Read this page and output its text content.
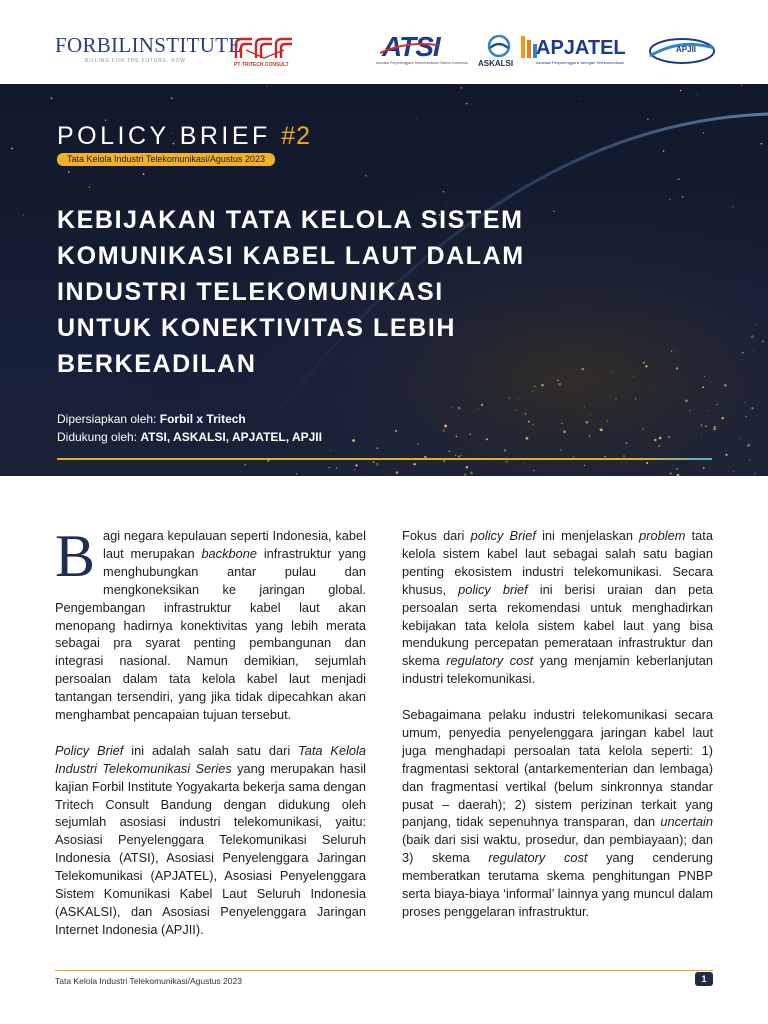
FORBILINSTITUTE
BILLING FOR THE FUTURE, NOW
PT TRITECH CONSULT
ATSI
Asosiasi Penyelenggara Telekomunikasi Seluruh Indonesia ASKALSI
APJATEL
Asosiasi Penyelenggara Jaringan Telekomunikasi
APJII
POLICY BRIEF #2
Tata Kelola Industri Telekomunikasi/Agustus 2023
KEBIJAKAN TATA KELOLA SISTEM
KOMUNIKASI KABEL LAUT DALAM
INDUSTRI TELEKOMUNIKASI
UNTUK KONEKTIVITAS LEBIH
BERKEADILAN
Dipersiapkan oleh: Forbil x Tritech
Didukung oleh: ATSI, ASKALSI, APJATEL, APJII

Bagi negara kepulauan seperti Indonesia, kabel laut merupakan backbone infrastruktur yang menghubungkan antar pulau dan mengkoneksikan ke jaringan global. Pengembangan infrastruktur kabel laut akan menopang hadirnya konektivitas yang lebih merata sebagai pra syarat penting pembangunan dan integrasi nasional. Namun demikian, sejumlah persoalan dalam tata kelola kabel laut menjadi tantangan tersendiri, yang jika tidak dipecahkan akan menghambat pencapaian tujuan tersebut.

Policy Brief ini adalah salah satu dari Tata Kelola Industri Telekomunikasi Series yang merupakan hasil kajian Forbil Institute Yogyakarta bekerja sama dengan Tritech Consult Bandung dengan didukung oleh sejumlah asosiasi industri telekomunikasi, yaitu: Asosiasi Penyelenggara Telekomunikasi Seluruh Indonesia (ATSI), Asosiasi Penyelenggara Jaringan Telekomunikasi (APJATEL), Asosiasi Penyelenggara Sistem Komunikasi Kabel Laut Seluruh Indonesia (ASKALSI), dan Asosiasi Penyelenggara Jaringan Internet Indonesia (APJII).

Fokus dari policy Brief ini menjelaskan problem tata kelola sistem kabel laut sebagai salah satu bagian penting ekosistem industri telekomunikasi. Secara khusus, policy brief ini berisi uraian dan peta persoalan serta rekomendasi untuk menghadirkan kebijakan tata kelola sistem kabel laut yang bisa mendukung percepatan pemerataan infrastruktur dan skema regulatory cost yang menjamin keberlanjutan industri telekomunikasi.

Sebagaimana pelaku industri telekomunikasi secara umum, penyedia penyelenggara jaringan kabel laut juga menghadapi persoalan tata kelola seperti: 1) fragmentasi sektoral (antarkementerian dan lembaga) dan fragmentasi vertikal (belum sinkronnya standar pusat – daerah); 2) sistem perizinan terkait yang panjang, tidak sepenuhnya transparan, dan uncertain (baik dari sisi waktu, prosedur, dan pembiayaan); dan 3) skema regulatory cost yang cenderung memberatkan terutama skema penghitungan PNBP serta biaya-biaya ‘informal’ lainnya yang muncul dalam proses penggelaran infrastruktur.

Tata Kelola Industri Telekomunikasi/Agustus 2023	1
